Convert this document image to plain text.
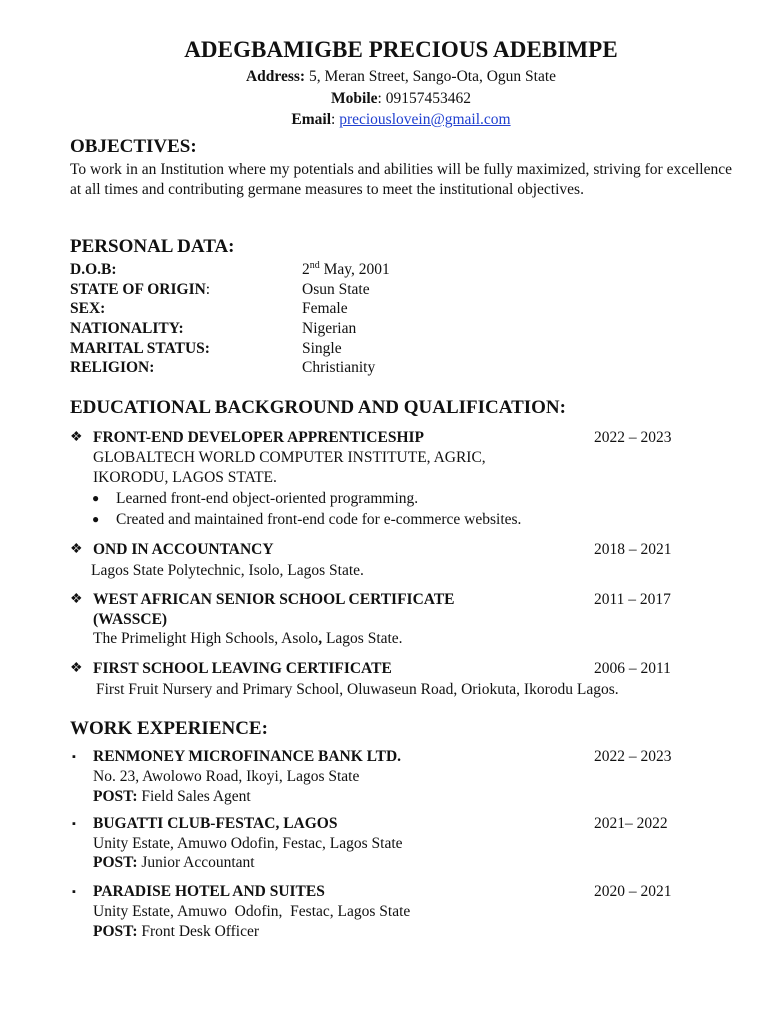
ADEGBAMIGBE PRECIOUS ADEBIMPE
Address: 5, Meran Street, Sango-Ota, Ogun State
Mobile: 09157453462
Email: preciouslovein@gmail.com
OBJECTIVES:
To work in an Institution where my potentials and abilities will be fully maximized, striving for excellence at all times and contributing germane measures to meet the institutional objectives.
PERSONAL DATA:
D.O.B:	2nd May, 2001
STATE OF ORIGIN:	Osun State
SEX:	Female
NATIONALITY:	Nigerian
MARITAL STATUS:	Single
RELIGION:	Christianity
EDUCATIONAL BACKGROUND AND QUALIFICATION:
❖ FRONT-END DEVELOPER APPRENTICESHIP	2022 – 2023
GLOBALTECH WORLD COMPUTER INSTITUTE, AGRIC,
IKORODU, LAGOS STATE.
● Learned front-end object-oriented programming.
● Created and maintained front-end code for e-commerce websites.
❖ OND IN ACCOUNTANCY	2018 – 2021
Lagos State Polytechnic, Isolo, Lagos State.
❖ WEST AFRICAN SENIOR SCHOOL CERTIFICATE	2011 – 2017
(WASSCE)
The Primelight High Schools, Asolo, Lagos State.
❖ FIRST SCHOOL LEAVING CERTIFICATE	2006 – 2011
First Fruit Nursery and Primary School, Oluwaseun Road, Oriokuta, Ikorodu Lagos.
WORK EXPERIENCE:
▪ RENMONEY MICROFINANCE BANK LTD.	2022 – 2023
No. 23, Awolowo Road, Ikoyi, Lagos State
POST: Field Sales Agent
▪ BUGATTI CLUB-FESTAC, LAGOS	2021– 2022
Unity Estate, Amuwo Odofin, Festac, Lagos State
POST: Junior Accountant
▪ PARADISE HOTEL AND SUITES	2020 – 2021
Unity Estate, Amuwo  Odofin,  Festac, Lagos State
POST: Front Desk Officer
